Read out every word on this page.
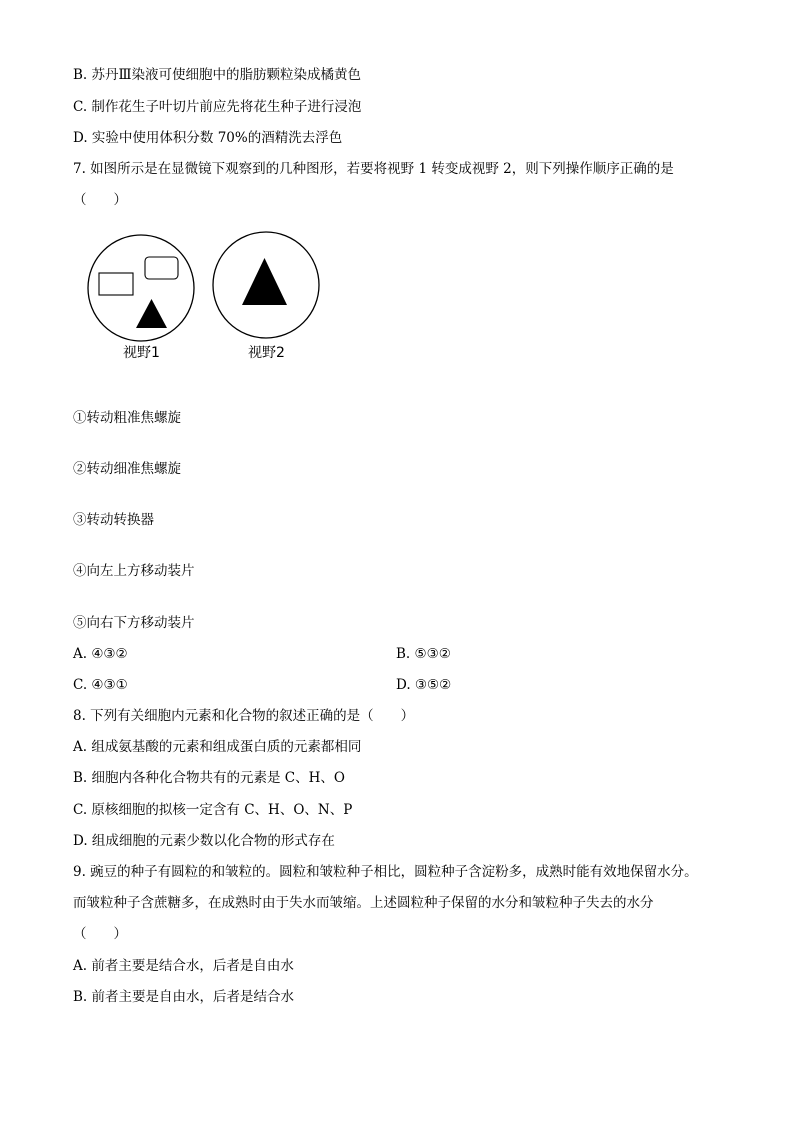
B. 苏丹Ⅲ染液可使细胞中的脂肪颗粒染成橘黄色
C. 制作花生子叶切片前应先将花生种子进行浸泡
D. 实验中使用体积分数 70%的酒精洗去浮色
7. 如图所示是在显微镜下观察到的几种图形，若要将视野 1 转变成视野 2，则下列操作顺序正确的是
（　　）
视野1	视野2
①转动粗准焦螺旋
②转动细准焦螺旋
③转动转换器
④向左上方移动装片
⑤向右下方移动装片
A. ④③②	B. ⑤③②
C. ④③①	D. ③⑤②
8. 下列有关细胞内元素和化合物的叙述正确的是（　　）
A. 组成氨基酸的元素和组成蛋白质的元素都相同
B. 细胞内各种化合物共有的元素是 C、H、O
C. 原核细胞的拟核一定含有 C、H、O、N、P
D. 组成细胞的元素少数以化合物的形式存在
9. 豌豆的种子有圆粒的和皱粒的。圆粒和皱粒种子相比，圆粒种子含淀粉多，成熟时能有效地保留水分。
而皱粒种子含蔗糖多，在成熟时由于失水而皱缩。上述圆粒种子保留的水分和皱粒种子失去的水分
（　　）
A. 前者主要是结合水，后者是自由水
B. 前者主要是自由水，后者是结合水
